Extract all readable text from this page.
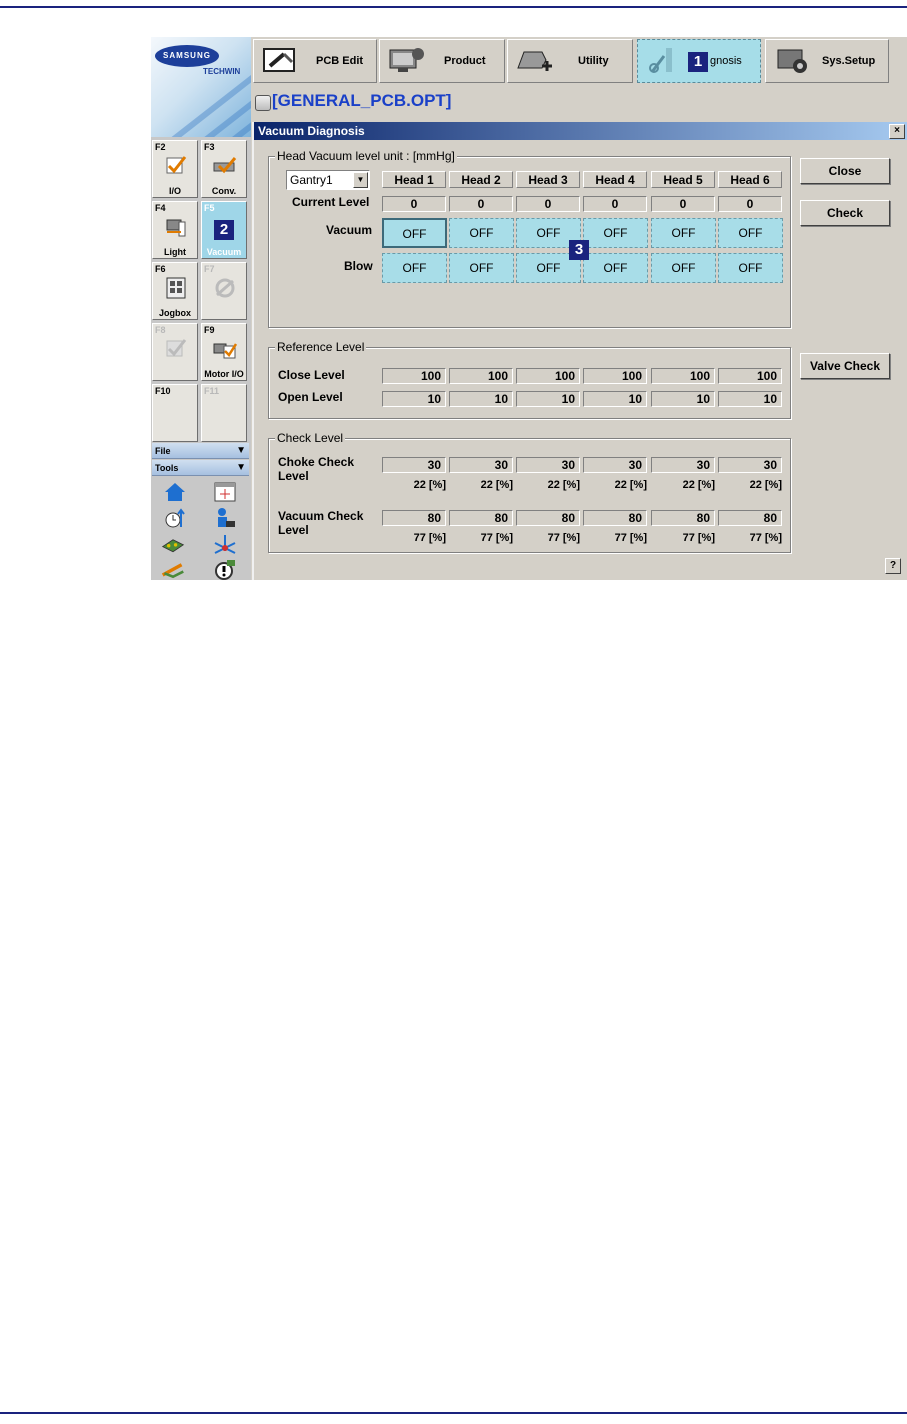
SAMSUNG
TECHWIN
F2
I/O
F3
Conv.
F4
Light
F5
Vacuum
2
F6
Jogbox
F7
F8	F9
Motor I/O
F10	F11
File	▼
Tools	▼
PCB Edit	Product	Utility	gnosis
1	Sys.Setup
[GENERAL_PCB.OPT]
Vacuum Diagnosis	×
Head Vacuum level unit : [mmHg]
Gantry1	▼	Head 1	Head 2	Head 3	Head 4	Head 5	Head 6
Current Level	0	0	0	0	0	0
Vacuum	OFF	OFF	OFF	OFF	OFF	OFF
Blow	OFF	OFF	OFF	OFF	OFF	OFF
3
Reference Level
Close Level	100	100	100	100	100	100
Open Level	10	10	10	10	10	10
Check Level
Choke Check
Level
30	30	30	30	30	30
22 [%]	22 [%]	22 [%]	22 [%]	22 [%]	22 [%]
Vacuum Check
Level
80	80	80	80	80	80
77 [%]	77 [%]	77 [%]	77 [%]	77 [%]	77 [%]
Close
Check
Valve Check
?
